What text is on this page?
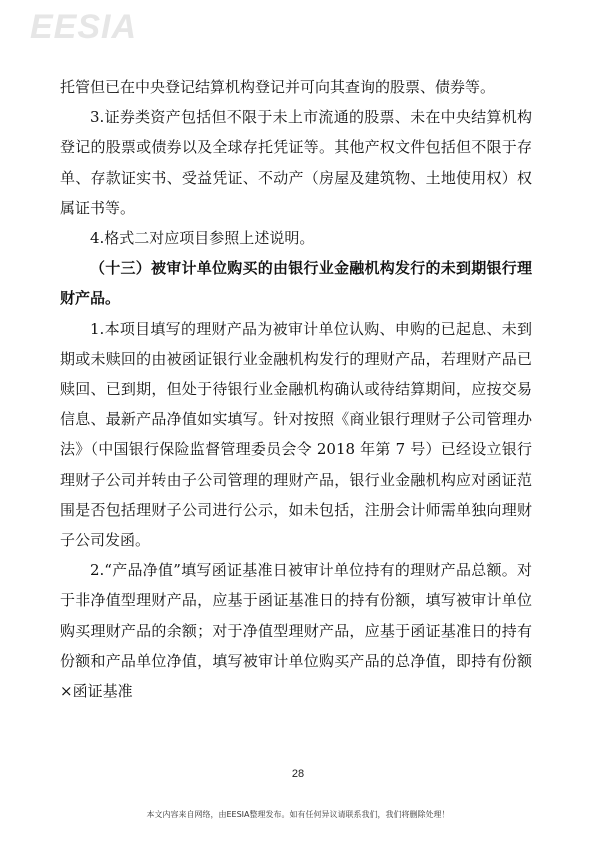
EESIA

托管但已在中央登记结算机构登记并可向其查询的股票、债券等。

3.证券类资产包括但不限于未上市流通的股票、未在中央结算机构登记的股票或债券以及全球存托凭证等。其他产权文件包括但不限于存单、存款证实书、受益凭证、不动产（房屋及建筑物、土地使用权）权属证书等。

4.格式二对应项目参照上述说明。

（十三）被审计单位购买的由银行业金融机构发行的未到期银行理财产品。

1.本项目填写的理财产品为被审计单位认购、申购的已起息、未到期或未赎回的由被函证银行业金融机构发行的理财产品，若理财产品已赎回、已到期，但处于待银行业金融机构确认或待结算期间，应按交易信息、最新产品净值如实填写。针对按照《商业银行理财子公司管理办法》（中国银行保险监督管理委员会令 2018 年第 7 号）已经设立银行理财子公司并转由子公司管理的理财产品，银行业金融机构应对函证范围是否包括理财子公司进行公示，如未包括，注册会计师需单独向理财子公司发函。

2.“产品净值”填写函证基准日被审计单位持有的理财产品总额。对于非净值型理财产品，应基于函证基准日的持有份额，填写被审计单位购买理财产品的余额；对于净值型理财产品，应基于函证基准日的持有份额和产品单位净值，填写被审计单位购买产品的总净值，即持有份额×函证基准

28
本文内容来自网络，由EESIA整理发布。如有任何异议请联系我们，我们将删除处理！
